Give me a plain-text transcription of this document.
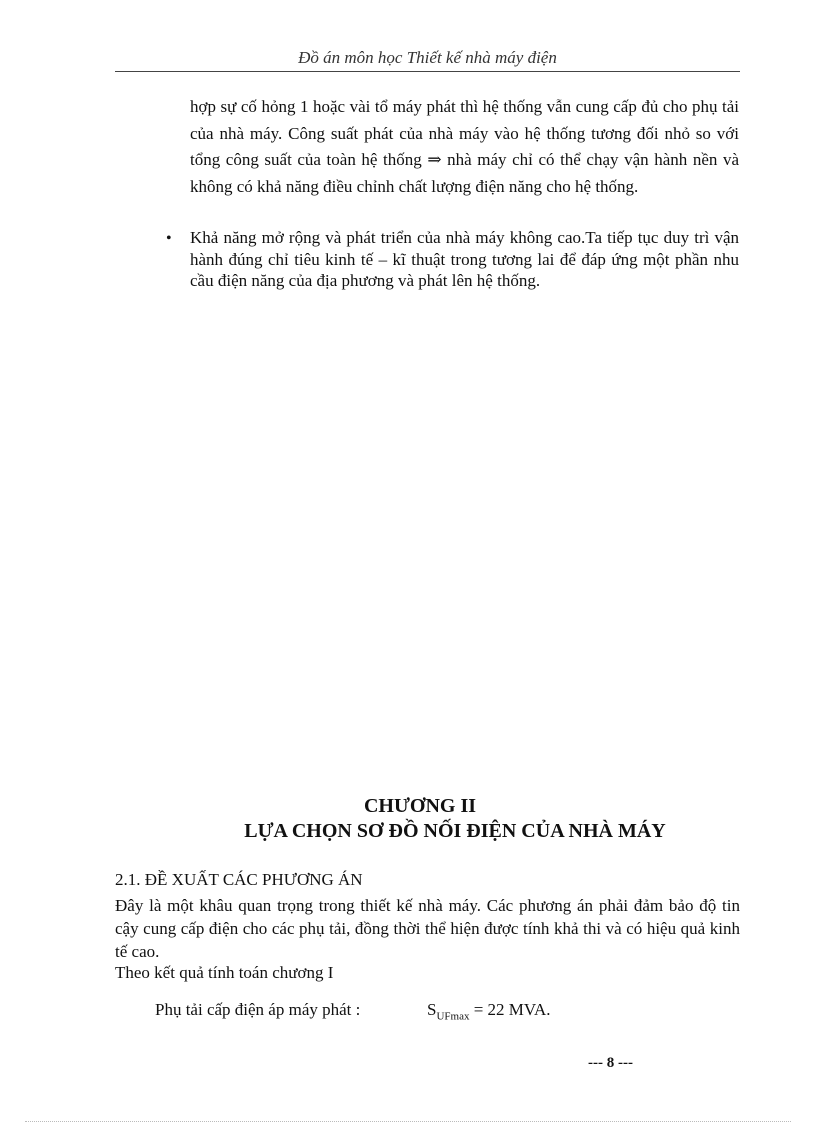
Đồ án môn học Thiết kế nhà máy điện

hợp sự cố hỏng 1 hoặc vài tổ máy phát thì hệ thống vẫn cung cấp đủ cho phụ tải của nhà máy. Công suất phát của nhà máy vào hệ thống tương đối nhỏ so với tổng công suất của toàn hệ thống ⇒ nhà máy chỉ có thể chạy vận hành nền và không có khả năng điều chỉnh chất lượng điện năng cho hệ thống.

• Khả năng mở rộng và phát triển của nhà máy không cao.Ta tiếp tục duy trì vận hành đúng chỉ tiêu kinh tế – kĩ thuật trong tương lai để đáp ứng một phần nhu cầu điện năng của địa phương và phát lên hệ thống.

CHƯƠNG II
LỰA CHỌN SƠ ĐỒ NỐI ĐIỆN CỦA NHÀ MÁY
2.1. ĐỀ XUẤT CÁC PHƯƠNG ÁN

Đây là một khâu quan trọng trong thiết kế nhà máy. Các phương án phải đảm bảo độ tin cậy cung cấp điện cho các phụ tải, đồng thời thể hiện được tính khả thi và có hiệu quả kinh tế cao.

Theo kết quả tính toán chương I

Phụ tải cấp điện áp máy phát :	$S_{UFmax} = 22$ MVA.

--- 8 ---
